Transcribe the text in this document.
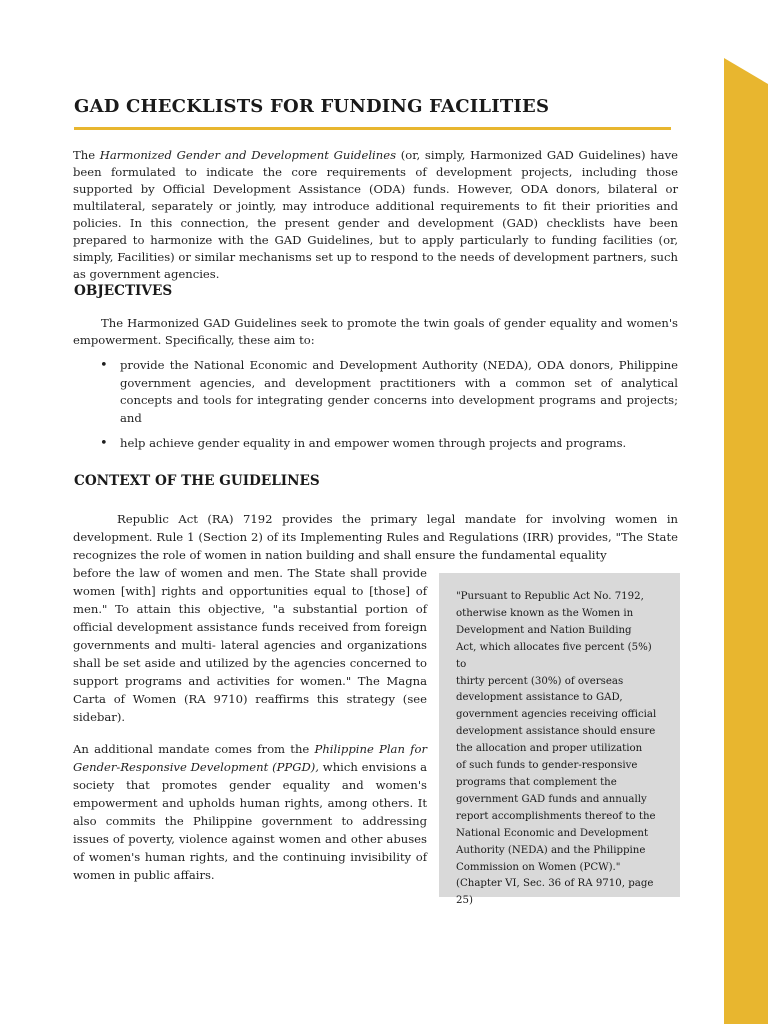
GAD CHECKLISTS FOR FUNDING FACILITIES

The Harmonized Gender and Development Guidelines (or, simply, Harmonized GAD Guidelines) have been formulated to indicate the core requirements of development projects, including those supported by Official Development Assistance (ODA) funds. However, ODA donors, bilateral or multilateral, separately or jointly, may introduce additional requirements to fit their priorities and policies. In this connection, the present gender and development (GAD) checklists have been prepared to harmonize with the GAD Guidelines, but to apply particularly to funding facilities (or, simply, Facilities) or similar mechanisms set up to respond to the needs of development partners, such as government agencies.

OBJECTIVES

The Harmonized GAD Guidelines seek to promote the twin goals of gender equality and women's empowerment. Specifically, these aim to:

• provide the National Economic and Development Authority (NEDA), ODA donors, Philippine government agencies, and development practitioners with a common set of analytical concepts and tools for integrating gender concerns into development programs and projects; and
• help achieve gender equality in and empower women through projects and programs.
CONTEXT OF THE GUIDELINES

Republic Act (RA) 7192 provides the primary legal mandate for involving women in development. Rule 1 (Section 2) of its Implementing Rules and Regulations (IRR) provides, "The State recognizes the role of women in nation building and shall ensure the fundamental equality

before the law of women and men. The State shall provide women [with] rights and opportunities equal to [those] of men." To attain this objective, "a substantial portion of official development assistance funds received from foreign governments and multi- lateral agencies and organizations shall be set aside and utilized by the agencies concerned to support programs and activities for women." The Magna Carta of Women (RA 9710) reaffirms this strategy (see sidebar).

An additional mandate comes from the Philippine Plan for Gender-Responsive Development (PPGD), which envisions a society that promotes gender equality and women's empowerment and upholds human rights, among others. It also commits the Philippine government to addressing issues of poverty, violence against women and other abuses of women's human rights, and the continuing invisibility of women in public affairs.

"Pursuant to Republic Act No. 7192,

otherwise known as the Women in

Development and Nation Building

Act, which allocates five percent (5%) to

thirty percent (30%) of overseas

development assistance to GAD,

government agencies receiving official

development assistance should ensure

the allocation and proper utilization

of such funds to gender-responsive

programs that complement the

government GAD funds and annually

report accomplishments thereof to the

National Economic and Development

Authority (NEDA) and the Philippine

Commission on Women (PCW)."

(Chapter VI, Sec. 36 of RA 9710, page 25)
